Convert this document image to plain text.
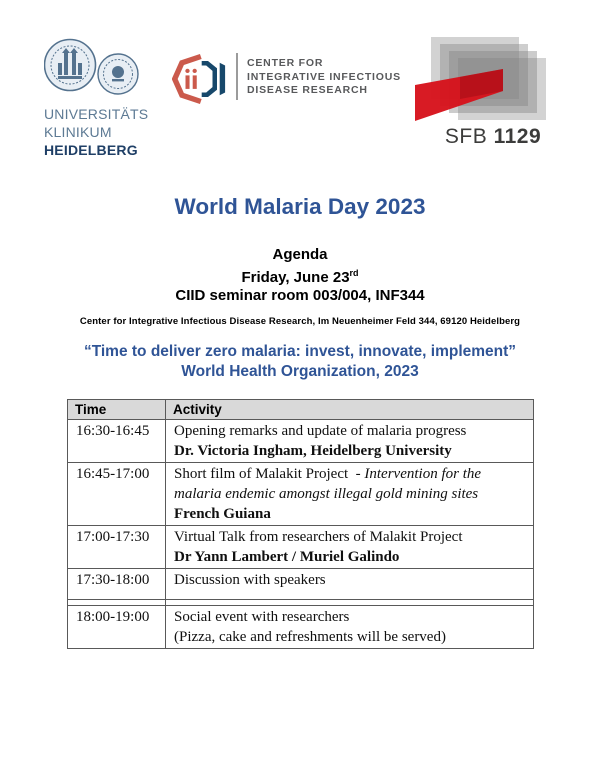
UNIVERSITÄTS
KLINIKUM
HEIDELBERG
CENTER FOR
INTEGRATIVE INFECTIOUS
DISEASE RESEARCH
SFB 1129
World Malaria Day 2023
Agenda
Friday, June 23rd
CIID seminar room 003/004, INF344
Center for Integrative Infectious Disease Research, Im Neuenheimer Feld 344, 69120 Heidelberg
“Time to deliver zero malaria: invest, innovate, implement”
World Health Organization, 2023
Time	Activity
16:30-16:45	Opening remarks and update of malaria progress
Dr. Victoria Ingham, Heidelberg University

16:45-17:00	Short film of Malakit Project  - Intervention for the malaria endemic amongst illegal gold mining sites
French Guiana

17:00-17:30	Virtual Talk from researchers of Malakit Project
Dr Yann Lambert / Muriel Galindo

17:30-18:00	Discussion with speakers

18:00-19:00	Social event with researchers
(Pizza, cake and refreshments will be served)
